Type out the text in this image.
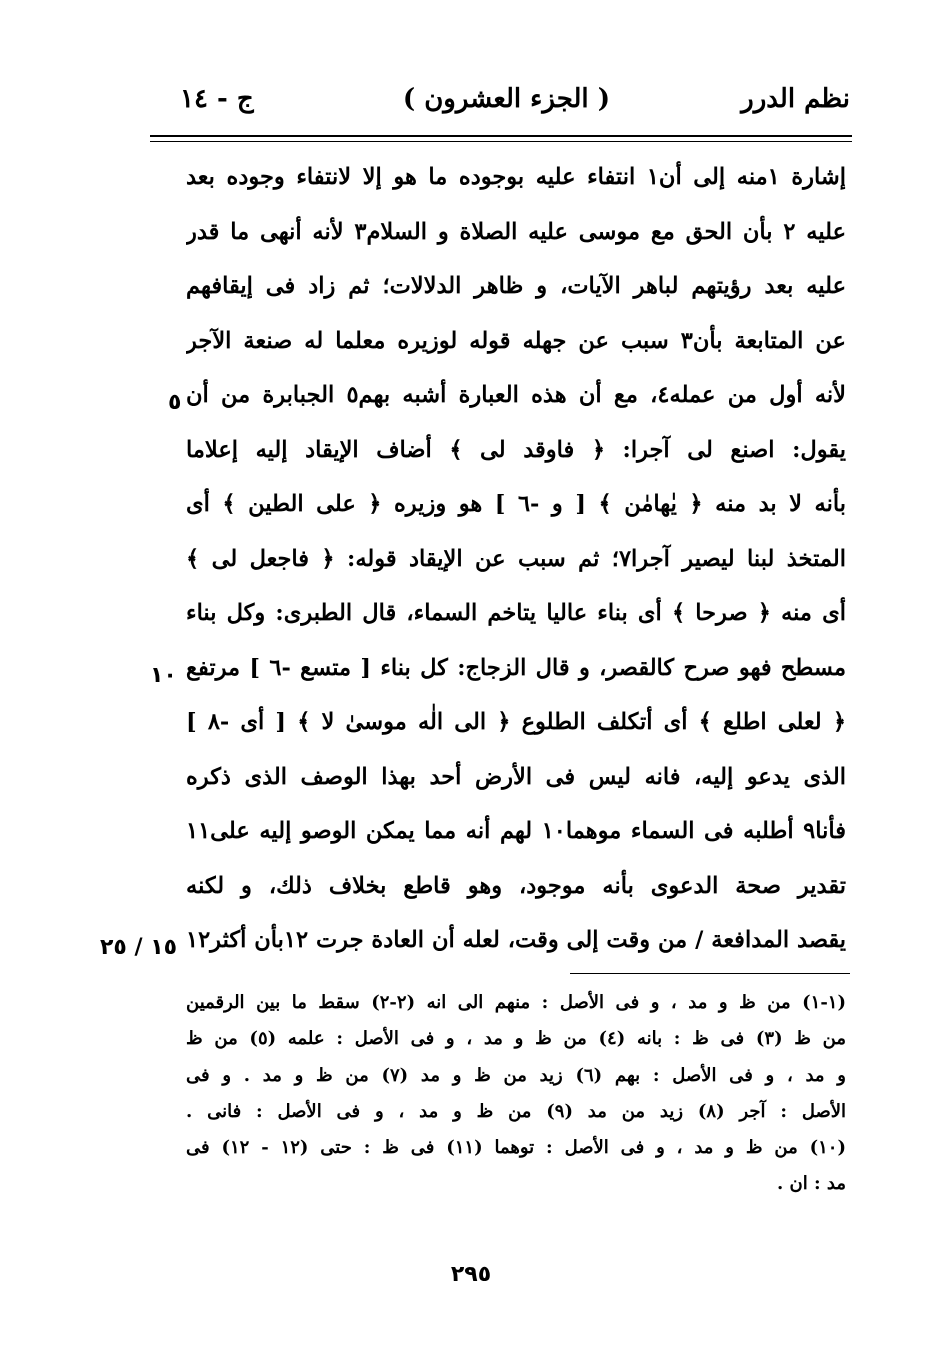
نظم الدرر
( الجزء العشرون )
ج - ١٤
إشارة ١منه إلى أن١ انتفاء عليه بوجوده ما هو إلا لانتفاء وجوده بعد
عليه ٢ بأن الحق مع موسى عليه الصلاة و السلام٣ لأنه أنهى ما قدر
عليه بعد رؤيتهم لباهر الآيات، و ظاهر الدلالات؛ ثم زاد فى إيقافهم
عن المتابعة بأن٣ سبب عن جهله قوله لوزيره معلما له صنعة الآجر
لأنه أول من عمله٤، مع أن هذه العبارة أشبه بهم٥ الجبابرة من أن
يقول: اصنع لى آجرا: ﴿ فاوقد لى ﴾ أضاف الإيقاد إليه إعلاما
بأنه لا بد منه ﴿ يٰهامٰن ﴾ [ و -٦ ] هو وزيره ﴿ على الطين ﴾ أى
المتخذ لبنا ليصير آجرا٧؛ ثم سبب عن الإيقاد قوله: ﴿ فاجعل لى ﴾
أى منه ﴿ صرحا ﴾ أى بناء عاليا يتاخم السماء، قال الطبرى: وكل بناء
مسطح فهو صرح كالقصر، و قال الزجاج: كل بناء [ متسع -٦ ] مرتفع
﴿ لعلى اطلع ﴾ أى أتكلف الطلوع ﴿ الى الٰه موسىٰ لا ﴾ [ أى -٨ ]
الذى يدعو إليه، فانه ليس فى الأرض أحد بهذا الوصف الذى ذكره
فأنا٩ أطلبه فى السماء موهما١٠ لهم أنه مما يمكن الوصو إليه على١١
تقدير صحة الدعوى بأنه موجود، وهو قاطع بخلاف ذلك، و لكنه
يقصد المدافعة / من وقت إلى وقت، لعله أن العادة جرت ١٢بأن أكثر١٢
٥
١٠
١٥ / ٢٥
(١-١) من ظ و مد ، و فى الأصل : منهم الى انه (٢-٢) سقط ما بين الرقمين
من ظ (٣) فى ظ : بانه (٤) من ظ و مد ، و فى الأصل : علمه (٥) من ظ
و مد ، و فى الأصل : بهم (٦) زيد من ظ و مد (٧) من ظ و مد . و فى
الأصل : آجر (٨) زيد من مد (٩) من ظ و مد ، و فى الأصل : فانى .
(١٠) من ظ و مد ، و فى الأصل : توهما (١١) فى ظ : حتى (١٢ - ١٢) فى
مد : ان .
٢٩٥
